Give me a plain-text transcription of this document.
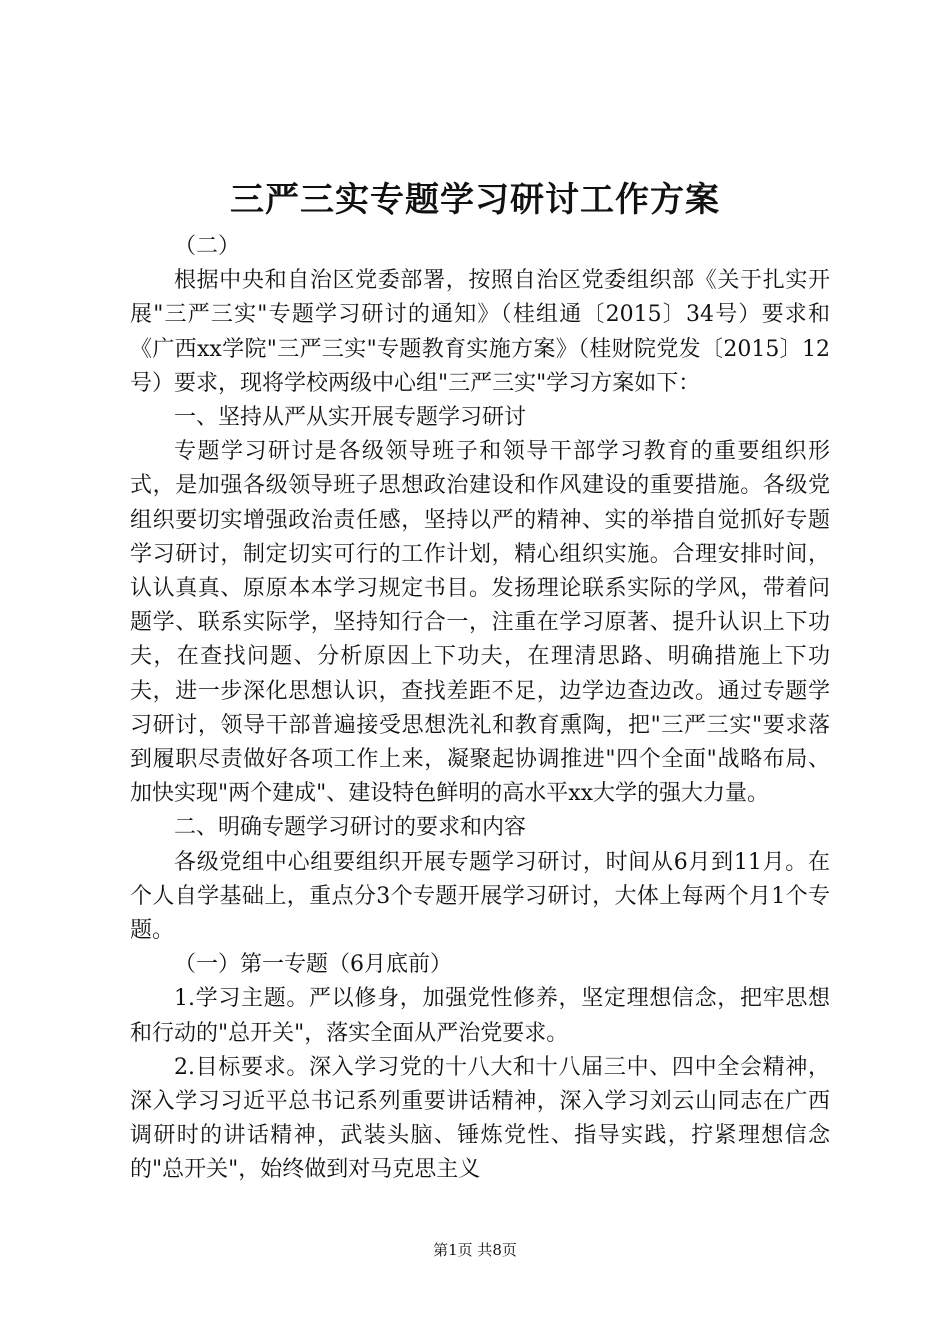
三严三实专题学习研讨工作方案

（二）

根据中央和自治区党委部署，按照自治区党委组织部《关于扎实开展"三严三实"专题学习研讨的通知》（桂组通〔2015〕34号）要求和《广西xx学院"三严三实"专题教育实施方案》（桂财院党发〔2015〕12号）要求，现将学校两级中心组"三严三实"学习方案如下：

一、坚持从严从实开展专题学习研讨

专题学习研讨是各级领导班子和领导干部学习教育的重要组织形式，是加强各级领导班子思想政治建设和作风建设的重要措施。各级党组织要切实增强政治责任感，坚持以严的精神、实的举措自觉抓好专题学习研讨，制定切实可行的工作计划，精心组织实施。合理安排时间，认认真真、原原本本学习规定书目。发扬理论联系实际的学风，带着问题学、联系实际学，坚持知行合一，注重在学习原著、提升认识上下功夫，在查找问题、分析原因上下功夫，在理清思路、明确措施上下功夫，进一步深化思想认识，查找差距不足，边学边查边改。通过专题学习研讨，领导干部普遍接受思想洗礼和教育熏陶，把"三严三实"要求落到履职尽责做好各项工作上来，凝聚起协调推进"四个全面"战略布局、加快实现"两个建成"、建设特色鲜明的高水平xx大学的强大力量。

二、明确专题学习研讨的要求和内容

各级党组中心组要组织开展专题学习研讨，时间从6月到11月。在个人自学基础上，重点分3个专题开展学习研讨，大体上每两个月1个专题。

（一）第一专题（6月底前）

1.学习主题。严以修身，加强党性修养，坚定理想信念，把牢思想和行动的"总开关"，落实全面从严治党要求。

2.目标要求。深入学习党的十八大和十八届三中、四中全会精神，深入学习习近平总书记系列重要讲话精神，深入学习刘云山同志在广西调研时的讲话精神，武装头脑、锤炼党性、指导实践，拧紧理想信念的"总开关"，始终做到对马克思主义

第1页 共8页
